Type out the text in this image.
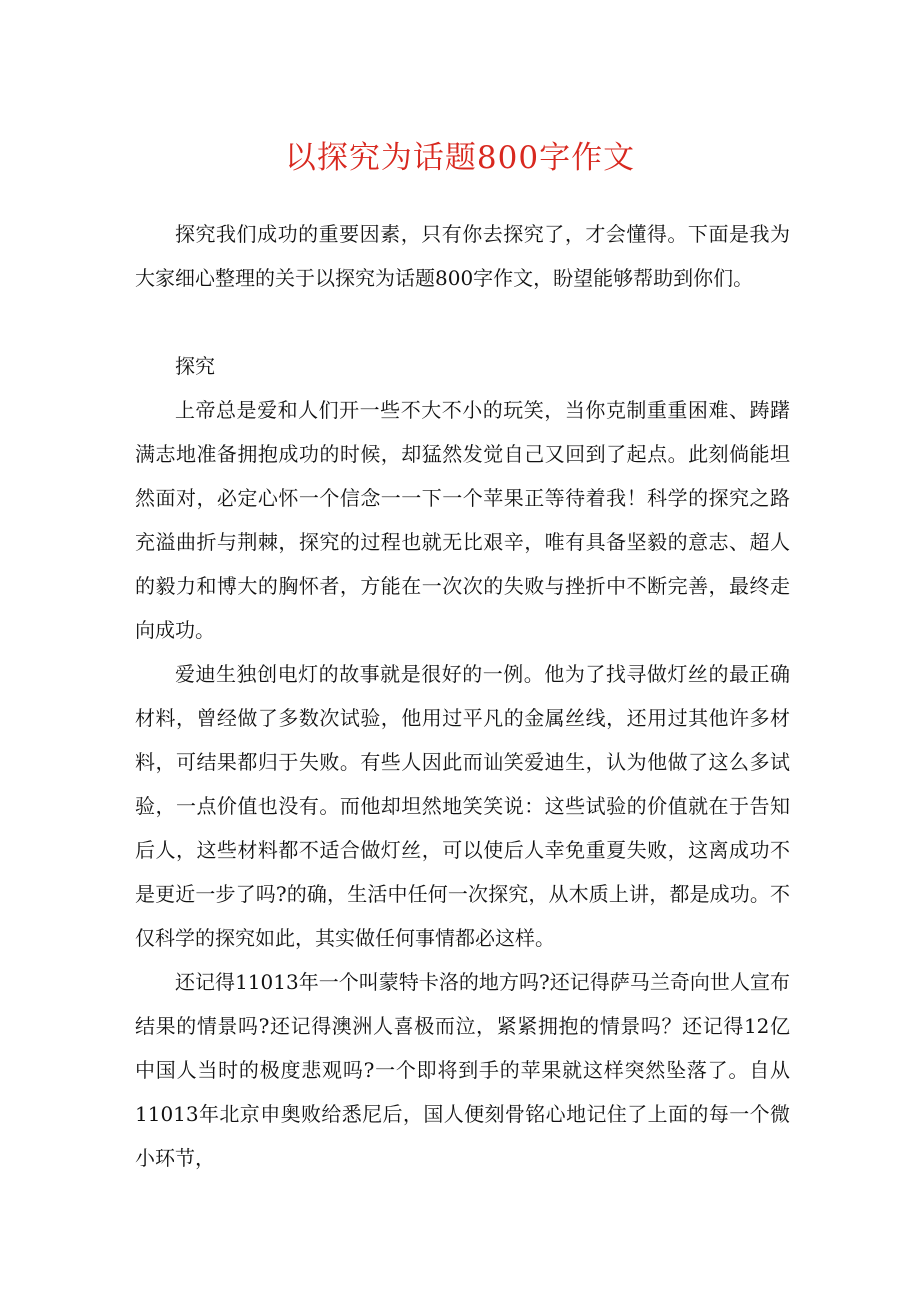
以探究为话题800字作文

探究我们成功的重要因素，只有你去探究了，才会懂得。下面是我为大家细心整理的关于以探究为话题800字作文，盼望能够帮助到你们。

探究

上帝总是爱和人们开一些不大不小的玩笑，当你克制重重困难、踌躇满志地准备拥抱成功的时候，却猛然发觉自己又回到了起点。此刻倘能坦然面对，必定心怀一个信念一一下一个苹果正等待着我！科学的探究之路充溢曲折与荆棘，探究的过程也就无比艰辛，唯有具备坚毅的意志、超人的毅力和博大的胸怀者，方能在一次次的失败与挫折中不断完善，最终走向成功。

爱迪生独创电灯的故事就是很好的一例。他为了找寻做灯丝的最正确材料，曾经做了多数次试验，他用过平凡的金属丝线，还用过其他许多材料，可结果都归于失败。有些人因此而讪笑爱迪生，认为他做了这么多试验，一点价值也没有。而他却坦然地笑笑说：这些试验的价值就在于告知后人，这些材料都不适合做灯丝，可以使后人幸免重夏失败，这离成功不是更近一步了吗?的确，生活中任何一次探究，从木质上讲，都是成功。不仅科学的探究如此，其实做任何事情都必这样。

还记得11013年一个叫蒙特卡洛的地方吗?还记得萨马兰奇向世人宣布结果的情景吗?还记得澳洲人喜极而泣，紧紧拥抱的情景吗？还记得12亿中国人当时的极度悲观吗?一个即将到手的苹果就这样突然坠落了。自从11013年北京申奥败给悉尼后，国人便刻骨铭心地记住了上面的每一个微小环节，
